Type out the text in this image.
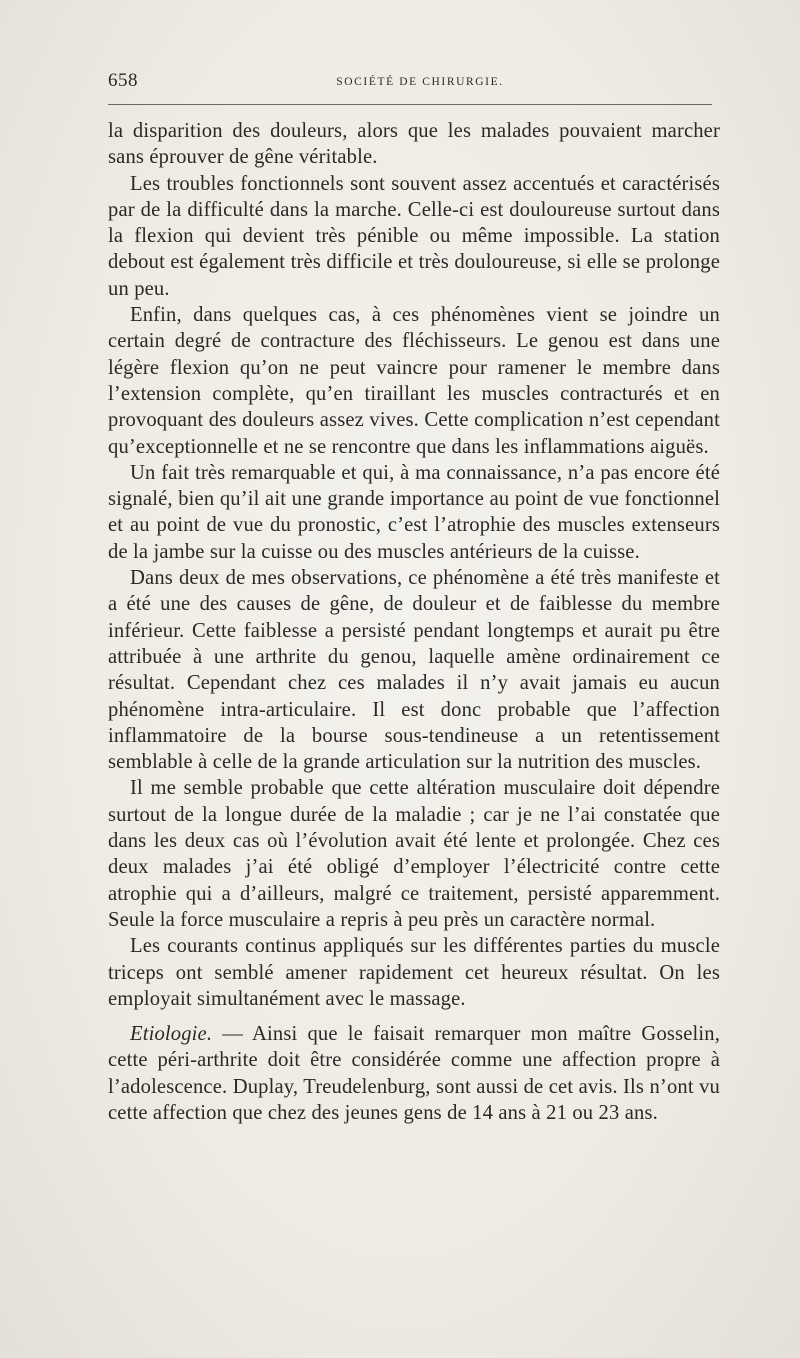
658	SOCIÉTÉ DE CHIRURGIE.

la disparition des douleurs, alors que les malades pouvaient marcher sans éprouver de gêne véritable.

Les troubles fonctionnels sont souvent assez accentués et caractérisés par de la difficulté dans la marche. Celle-ci est douloureuse surtout dans la flexion qui devient très pénible ou même impossible. La station debout est également très difficile et très douloureuse, si elle se prolonge un peu.

Enfin, dans quelques cas, à ces phénomènes vient se joindre un certain degré de contracture des fléchisseurs. Le genou est dans une légère flexion qu’on ne peut vaincre pour ramener le membre dans l’extension complète, qu’en tiraillant les muscles contracturés et en provoquant des douleurs assez vives. Cette complication n’est cependant qu’exceptionnelle et ne se rencontre que dans les inflammations aiguës.

Un fait très remarquable et qui, à ma connaissance, n’a pas encore été signalé, bien qu’il ait une grande importance au point de vue fonctionnel et au point de vue du pronostic, c’est l’atrophie des muscles extenseurs de la jambe sur la cuisse ou des muscles antérieurs de la cuisse.

Dans deux de mes observations, ce phénomène a été très manifeste et a été une des causes de gêne, de douleur et de faiblesse du membre inférieur. Cette faiblesse a persisté pendant longtemps et aurait pu être attribuée à une arthrite du genou, laquelle amène ordinairement ce résultat. Cependant chez ces malades il n’y avait jamais eu aucun phénomène intra-articulaire. Il est donc probable que l’affection inflammatoire de la bourse sous-tendineuse a un retentissement semblable à celle de la grande articulation sur la nutrition des muscles.

Il me semble probable que cette altération musculaire doit dépendre surtout de la longue durée de la maladie ; car je ne l’ai constatée que dans les deux cas où l’évolution avait été lente et prolongée. Chez ces deux malades j’ai été obligé d’employer l’électricité contre cette atrophie qui a d’ailleurs, malgré ce traitement, persisté apparemment. Seule la force musculaire a repris à peu près un caractère normal.

Les courants continus appliqués sur les différentes parties du muscle triceps ont semblé amener rapidement cet heureux résultat. On les employait simultanément avec le massage.

Etiologie. — Ainsi que le faisait remarquer mon maître Gosselin, cette péri-arthrite doit être considérée comme une affection propre à l’adolescence. Duplay, Treudelenburg, sont aussi de cet avis. Ils n’ont vu cette affection que chez des jeunes gens de 14 ans à 21 ou 23 ans.
